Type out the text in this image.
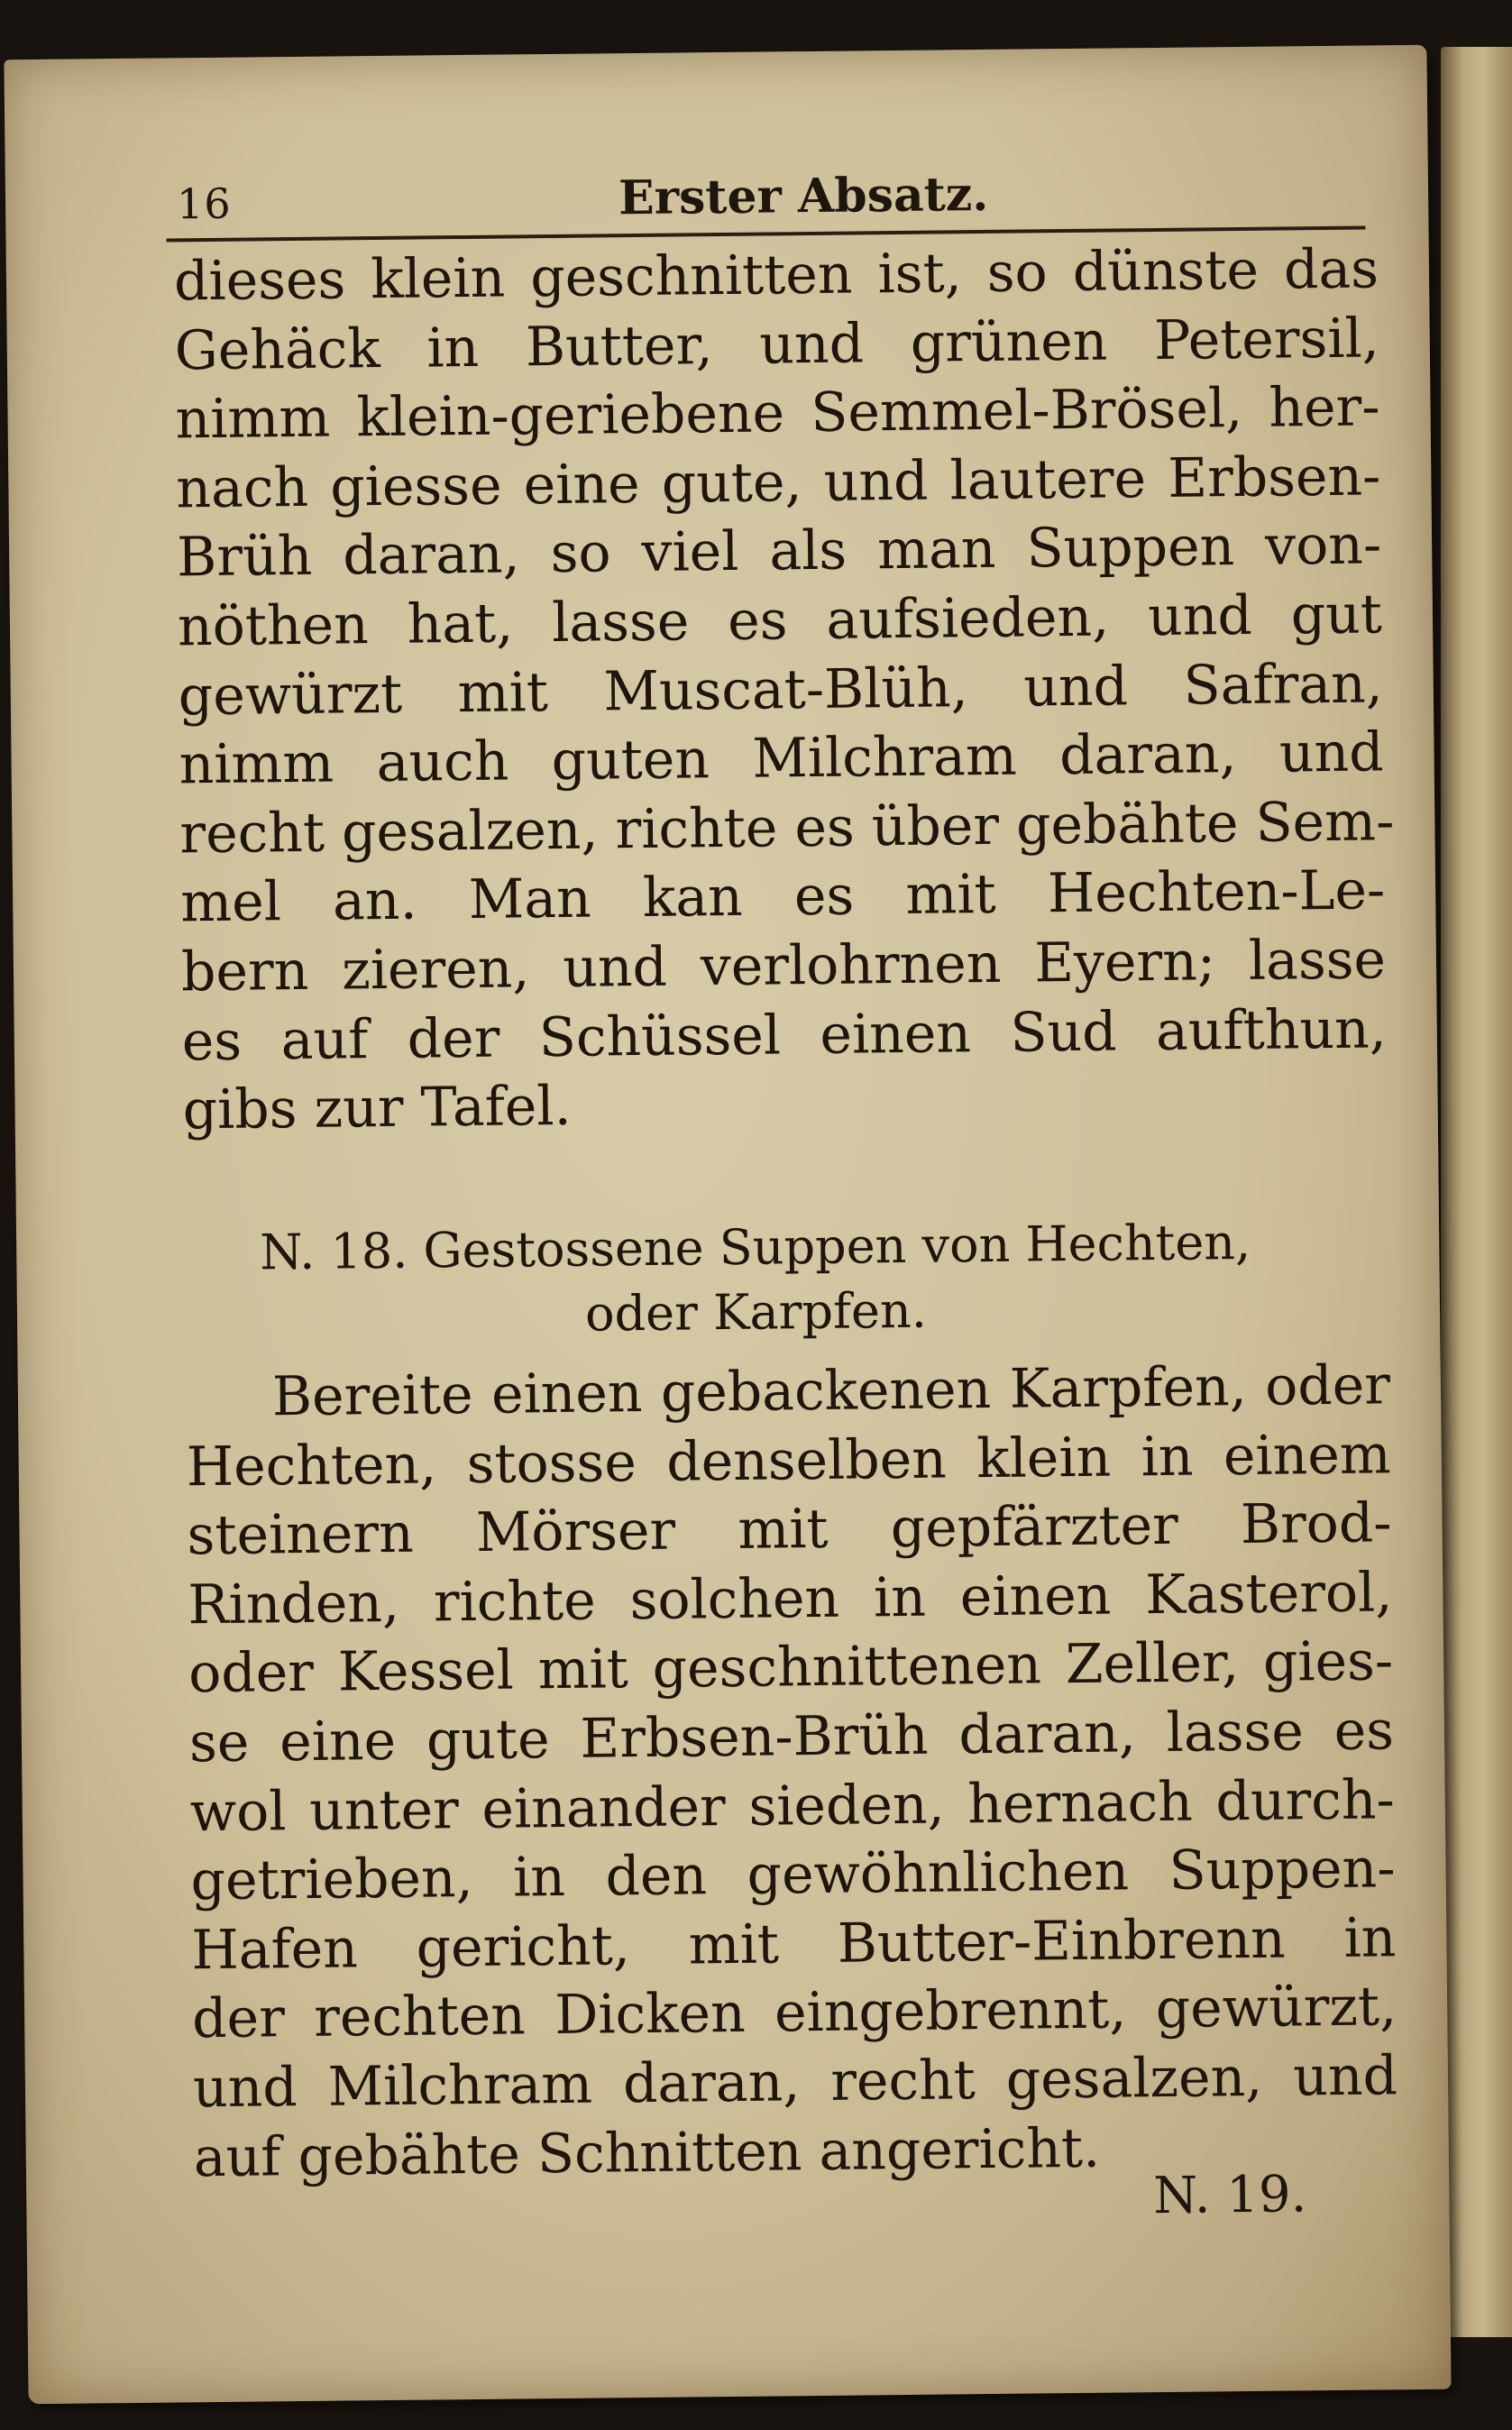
16	Erster Absatz.
dieses klein geschnitten ist, so dünste das
Gehäck in Butter, und grünen Petersil,
nimm klein-geriebene Semmel-Brösel, her-
nach giesse eine gute, und lautere Erbsen-
Brüh daran, so viel als man Suppen von-
nöthen hat, lasse es aufsieden, und gut
gewürzt mit Muscat-Blüh, und Safran,
nimm auch guten Milchram daran, und
recht gesalzen, richte es über gebähte Sem-
mel an. Man kan es mit Hechten-Le-
bern zieren, und verlohrnen Eyern; lasse
es auf der Schüssel einen Sud aufthun,
gibs zur Tafel.
N. 18. Gestossene Suppen von Hechten,
oder Karpfen.
Bereite einen gebackenen Karpfen, oder
Hechten, stosse denselben klein in einem
steinern Mörser mit gepfärzter Brod-
Rinden, richte solchen in einen Kasterol,
oder Kessel mit geschnittenen Zeller, gies-
se eine gute Erbsen-Brüh daran, lasse es
wol unter einander sieden, hernach durch-
getrieben, in den gewöhnlichen Suppen-
Hafen gericht, mit Butter-Einbrenn in
der rechten Dicken eingebrennt, gewürzt,
und Milchram daran, recht gesalzen, und
auf gebähte Schnitten angericht.
N. 19.
